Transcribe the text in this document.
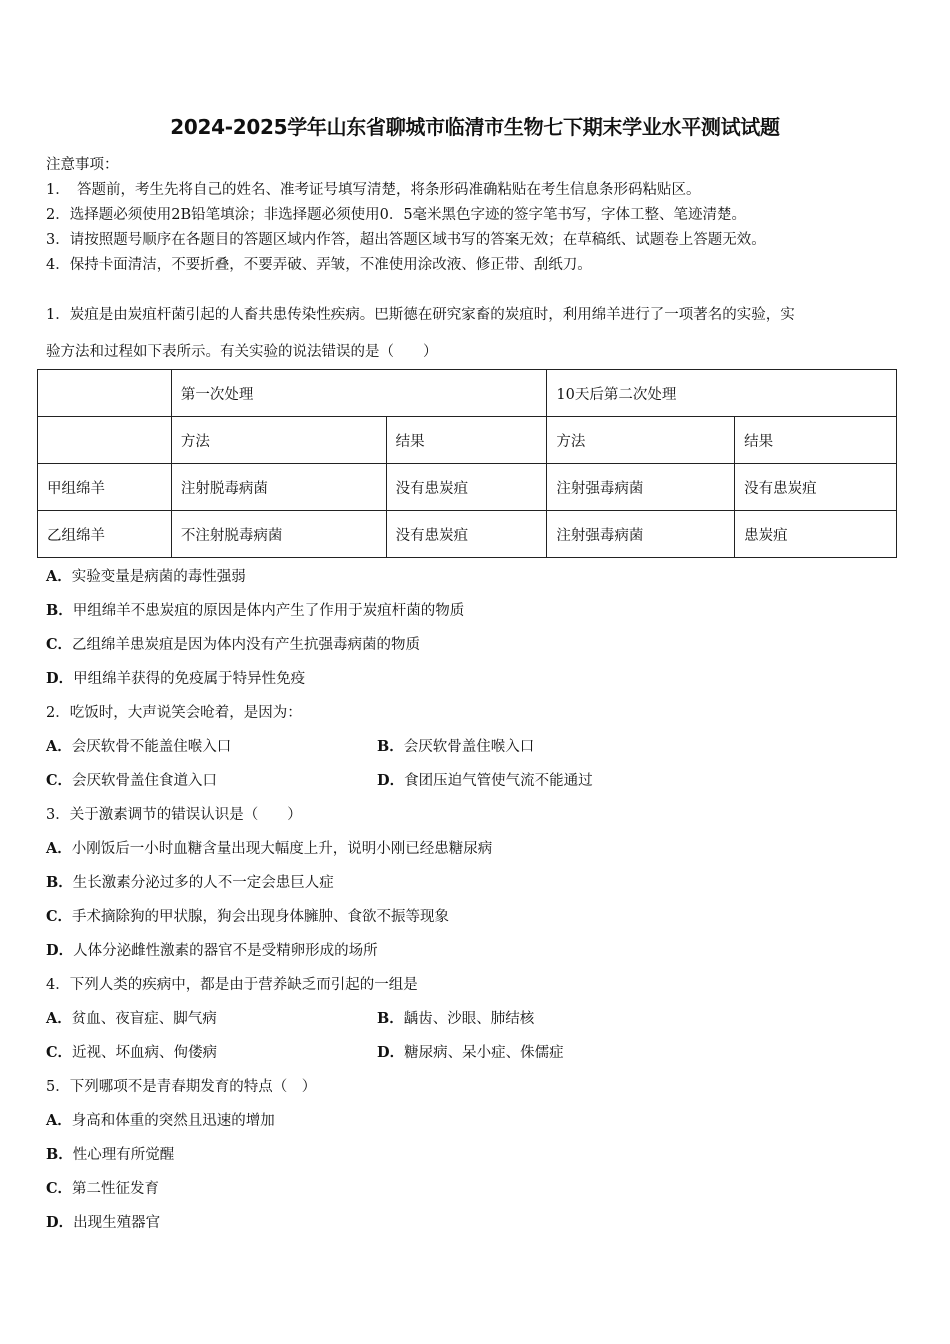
2024-2025学年山东省聊城市临清市生物七下期末学业水平测试试题
注意事项：
1．　答题前，考生先将自己的姓名、准考证号填写清楚，将条形码准确粘贴在考生信息条形码粘贴区。
2．选择题必须使用2B铅笔填涂；非选择题必须使用0．5毫米黑色字迹的签字笔书写，字体工整、笔迹清楚。
3．请按照题号顺序在各题目的答题区域内作答，超出答题区域书写的答案无效；在草稿纸、试题卷上答题无效。
4．保持卡面清洁，不要折叠，不要弄破、弄皱，不准使用涂改液、修正带、刮纸刀。
1．炭疽是由炭疽杆菌引起的人畜共患传染性疾病。巴斯德在研究家畜的炭疽时，利用绵羊进行了一项著名的实验，实
验方法和过程如下表所示。有关实验的说法错误的是（　　）
	第一次处理		10天后第二次处理	
	方法	结果	方法	结果
甲组绵羊	注射脱毒病菌	没有患炭疽	注射强毒病菌	没有患炭疽
乙组绵羊	不注射脱毒病菌	没有患炭疽	注射强毒病菌	患炭疽
A．实验变量是病菌的毒性强弱
B．甲组绵羊不患炭疽的原因是体内产生了作用于炭疽杆菌的物质
C．乙组绵羊患炭疽是因为体内没有产生抗强毒病菌的物质
D．甲组绵羊获得的免疫属于特异性免疫
2．吃饭时，大声说笑会呛着，是因为：
A．会厌软骨不能盖住喉入口	B．会厌软骨盖住喉入口
C．会厌软骨盖住食道入口	D．食团压迫气管使气流不能通过
3．关于激素调节的错误认识是（　　）
A．小刚饭后一小时血糖含量出现大幅度上升，说明小刚已经患糖尿病
B．生长激素分泌过多的人不一定会患巨人症
C．手术摘除狗的甲状腺，狗会出现身体臃肿、食欲不振等现象
D．人体分泌雌性激素的器官不是受精卵形成的场所
4．下列人类的疾病中，都是由于营养缺乏而引起的一组是
A．贫血、夜盲症、脚气病	B．龋齿、沙眼、肺结核
C．近视、坏血病、佝偻病	D．糖尿病、呆小症、侏儒症
5．下列哪项不是青春期发育的特点（　）
A．身高和体重的突然且迅速的增加
B．性心理有所觉醒
C．第二性征发育
D．出现生殖器官
